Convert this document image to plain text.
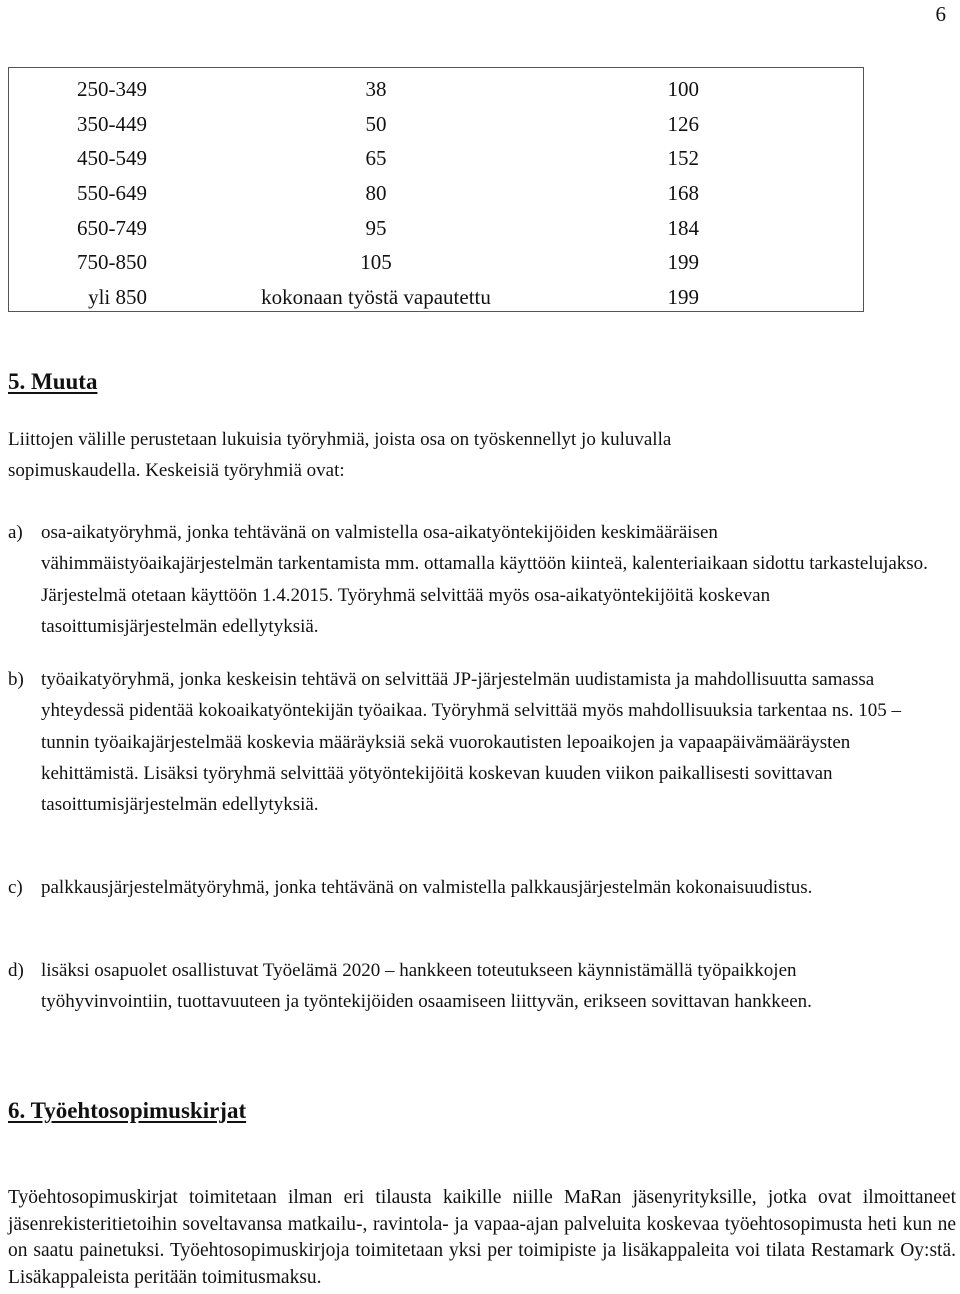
6
250-349	38	100
350-449	50	126
450-549	65	152
550-649	80	168
650-749	95	184
750-850	105	199
yli 850	kokonaan työstä vapautettu	199
5. Muuta
Liittojen välille perustetaan lukuisia työryhmiä, joista osa on työskennellyt jo kuluvalla
sopimuskaudella. Keskeisiä työryhmiä ovat:
a) osa-aikatyöryhmä, jonka tehtävänä on valmistella osa-aikatyöntekijöiden keskimääräisen vähimmäistyöaikajärjestelmän tarkentamista mm. ottamalla käyttöön kiinteä, kalenteriaikaan sidottu tarkastelujakso. Järjestelmä otetaan käyttöön 1.4.2015. Työryhmä selvittää myös osa-aikatyöntekijöitä koskevan tasoittumisjärjestelmän edellytyksiä.
b) työaikatyöryhmä, jonka keskeisin tehtävä on selvittää JP-järjestelmän uudistamista ja mahdollisuutta samassa yhteydessä pidentää kokoaikatyöntekijän työaikaa. Työryhmä selvittää myös mahdollisuuksia tarkentaa ns. 105 – tunnin työaikajärjestelmää koskevia määräyksiä sekä vuorokautisten lepoaikojen ja vapaapäivämääräysten kehittämistä. Lisäksi työryhmä selvittää yötyöntekijöitä koskevan kuuden viikon paikallisesti sovittavan tasoittumisjärjestelmän edellytyksiä.
c) palkkausjärjestelmätyöryhmä, jonka tehtävänä on valmistella palkkausjärjestelmän kokonaisuudistus.
d) lisäksi osapuolet osallistuvat Työelämä 2020 – hankkeen toteutukseen käynnistämällä työpaikkojen työhyvinvointiin, tuottavuuteen ja työntekijöiden osaamiseen liittyvän, erikseen sovittavan hankkeen.
6. Työehtosopimuskirjat
Työehtosopimuskirjat toimitetaan ilman eri tilausta kaikille niille MaRan jäsenyrityksille, jotka ovat ilmoittaneet jäsenrekisteritietoihin soveltavansa matkailu-, ravintola- ja vapaa-ajan palveluita koskevaa työehtosopimusta heti kun ne on saatu painetuksi. Työehtosopimuskirjoja toimitetaan yksi per toimipiste ja lisäkappaleita voi tilata Restamark Oy:stä. Lisäkappaleista peritään toimitusmaksu.
